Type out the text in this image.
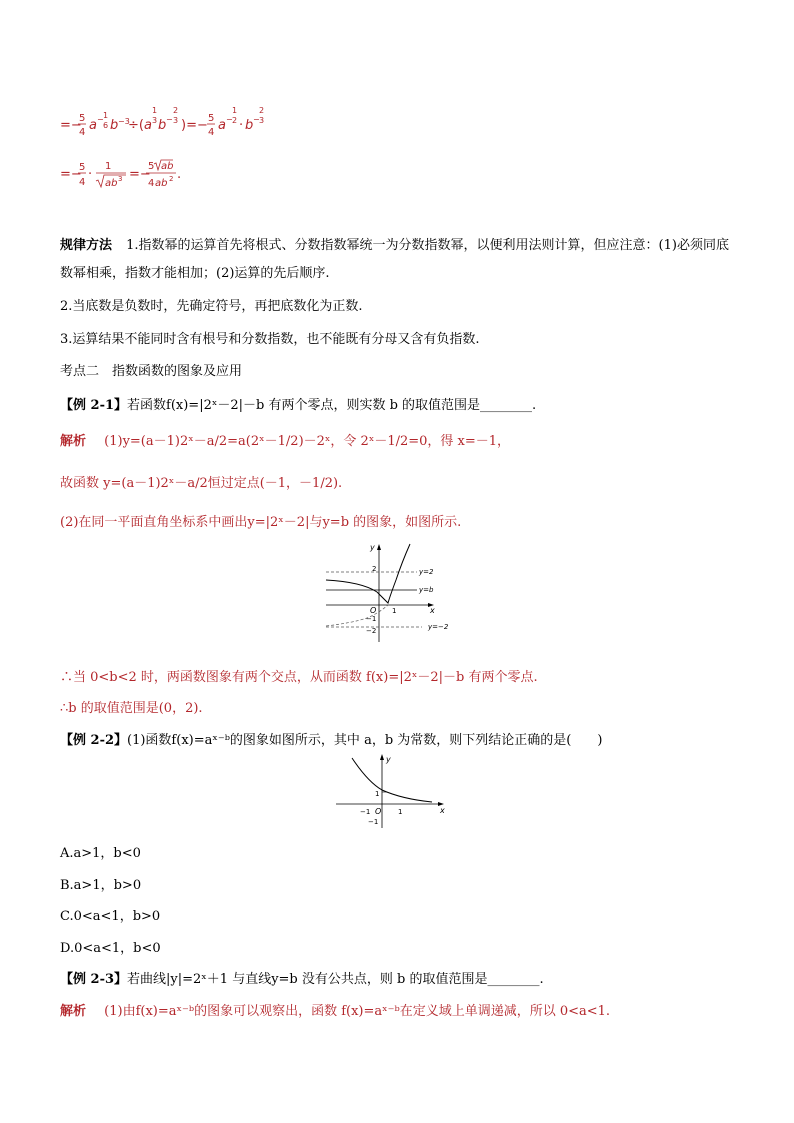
=−
5
4 a − 1
6 b −3
÷( a
1
3 b −
2
3 )=− 5
4 a −
1
2 · b −
2
3
=−
5
4
·
1
ab 3 =−
5 ab
4 ab 2 .
规律方法 1.指数幂的运算首先将根式、分数指数幂统一为分数指数幂，以便利用法则计算，但应注意：(1)必须同底数幂相乘，指数才能相加；(2)运算的先后顺序.
2.当底数是负数时，先确定符号，再把底数化为正数.
3.运算结果不能同时含有根号和分数指数，也不能既有分母又含有负指数.
考点二　指数函数的图象及应用
【例 2-1】若函数f(x)=|2ˣ－2|－b 有两个零点，则实数 b 的取值范围是________.
解析 (1)y=(a－1)2ˣ－a/2=a(2ˣ－1/2)－2ˣ，令 2ˣ－1/2=0，得 x=－1，
故函数 y=(a－1)2ˣ－a/2恒过定点(－1，－1/2).
(2)在同一平面直角坐标系中画出y=|2ˣ－2|与y=b 的图象，如图所示.
y
x
O
y=2
2
y=b
y=−2
−2
−1
1
∴当 0<b<2 时，两函数图象有两个交点，从而函数 f(x)=|2ˣ－2|－b 有两个零点.
∴b 的取值范围是(0，2).
【例 2-2】(1)函数f(x)=aˣ⁻ᵇ的图象如图所示，其中 a，b 为常数，则下列结论正确的是(　　)
y
x
O
1
−1
1
−1
A.a>1，b<0
B.a>1，b>0
C.0<a<1，b>0
D.0<a<1，b<0
【例 2-3】若曲线|y|=2ˣ＋1 与直线y=b 没有公共点，则 b 的取值范围是________.
解析 (1)由f(x)=aˣ⁻ᵇ的图象可以观察出，函数 f(x)=aˣ⁻ᵇ在定义域上单调递减，所以 0<a<1.
